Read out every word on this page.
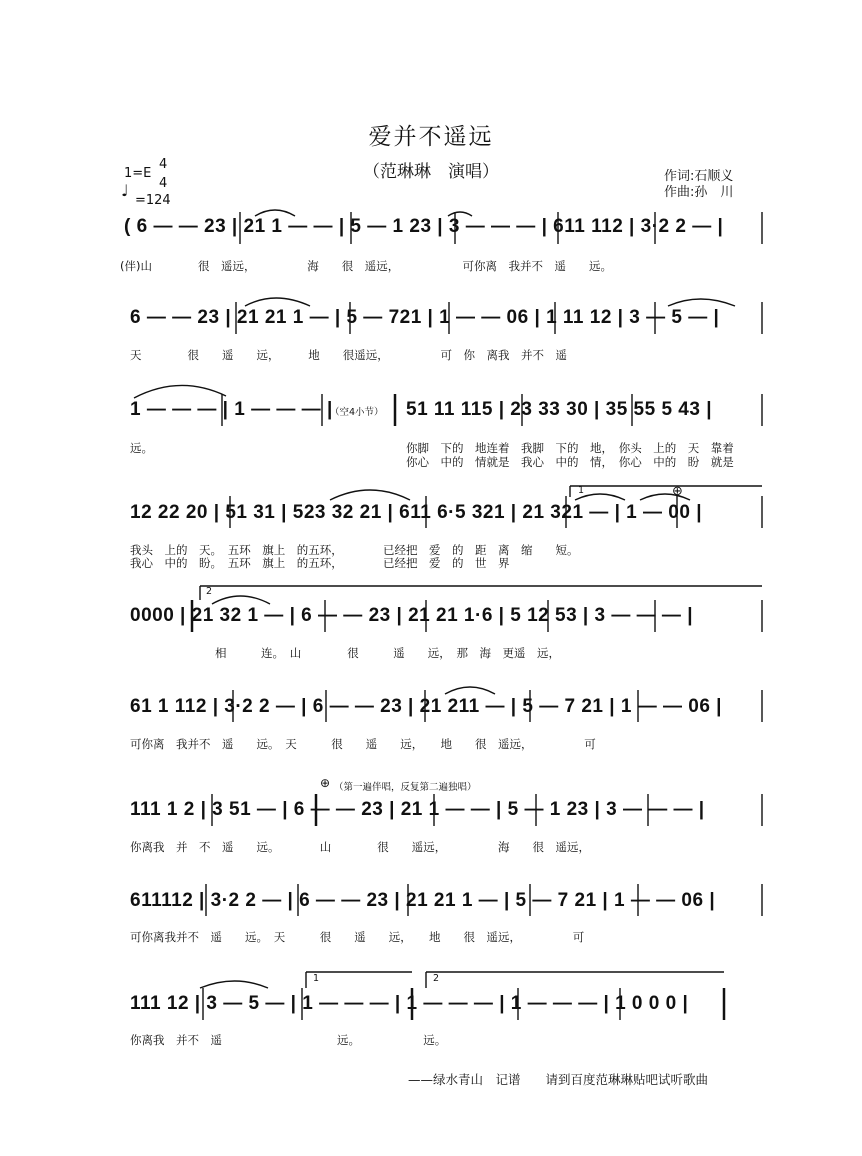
爱并不遥远
（范琳琳　演唱）	作词:石顺义
作曲:孙　川
1=E
4
4
♩
=124
( 6 — — 23 | 21 1 — — | 5 — 1 23 | 3 — — — | 611 112 | 3·2 2 — |
(伴)山　　　　很　遥远，　　　　　海　　很　遥远，　　　　　　可你离　我并不　遥　　远。
6 — — 23 | 21 21 1 — | 5 — 721 | 1 — — 06 | 1 11 12 | 3 — 5 — |
天　　　　很　　遥　　远，　　　地　　很遥远，　　　　　可　你　离我　并不　遥
1 — — — | 1 — — — |
（空4小节） 51 11 115 | 23 33 30 | 35 55 5 43 |
远。	你脚　下的　地连着　我脚　下的　地，　你头　上的　天　靠着
你心　中的　情就是　我心　中的　情，　你心　中的　盼　就是
1	⊕
12 22 20 | 51 31 | 523 32 21 | 611 6·5 321 | 21 321 — | 1 — 00 |
我头　上的　天。　五环　旗上　的五环，　　　　已经把　爱　的　距　离　缩　　短。
我心　中的　盼。　五环　旗上　的五环，　　　　已经把　爱　的　世　界
2
0000 | 21 32 1 — | 6 — — 23 | 21 21 1·6 | 5 12 53 | 3 — — — |
相　　　连。　山　　　　很　　　遥　　远，　那　海　更遥　远，
61 1 112 | 3·2 2 — | 6 — — 23 | 21 211 — | 5 — 7 21 | 1 — — 06 |
可你离　我并不　遥　　远。　天　　　很　　遥　　远，　　地　　很　遥远，　　　　　可
⊕ （第一遍伴唱，反复第二遍独唱）
111 1 2 | 3 51 — | 6 — — 23 | 21 1 — — | 5 — 1 23 | 3 — — — |
你离我　并　不　遥　　远。　　　　山　　　　很　　遥远，　　　　　海　　很　遥远，
611112 | 3·2 2 — | 6 — — 23 | 21 21 1 — | 5 — 7 21 | 1 — — 06 |
可你离我并不　遥　　远。　天　　　很　　遥　　远，　　地　　很　遥远，　　　　　可
1	2
111 12 | 3 — 5 — | 1 — — — | 1 — — — | 1 — — — | 1 0 0 0 |
你离我　并不　遥　　　　　　　　　　远。　　　　　　远。
——绿水青山　记谱　　请到百度范琳琳贴吧试听歌曲
